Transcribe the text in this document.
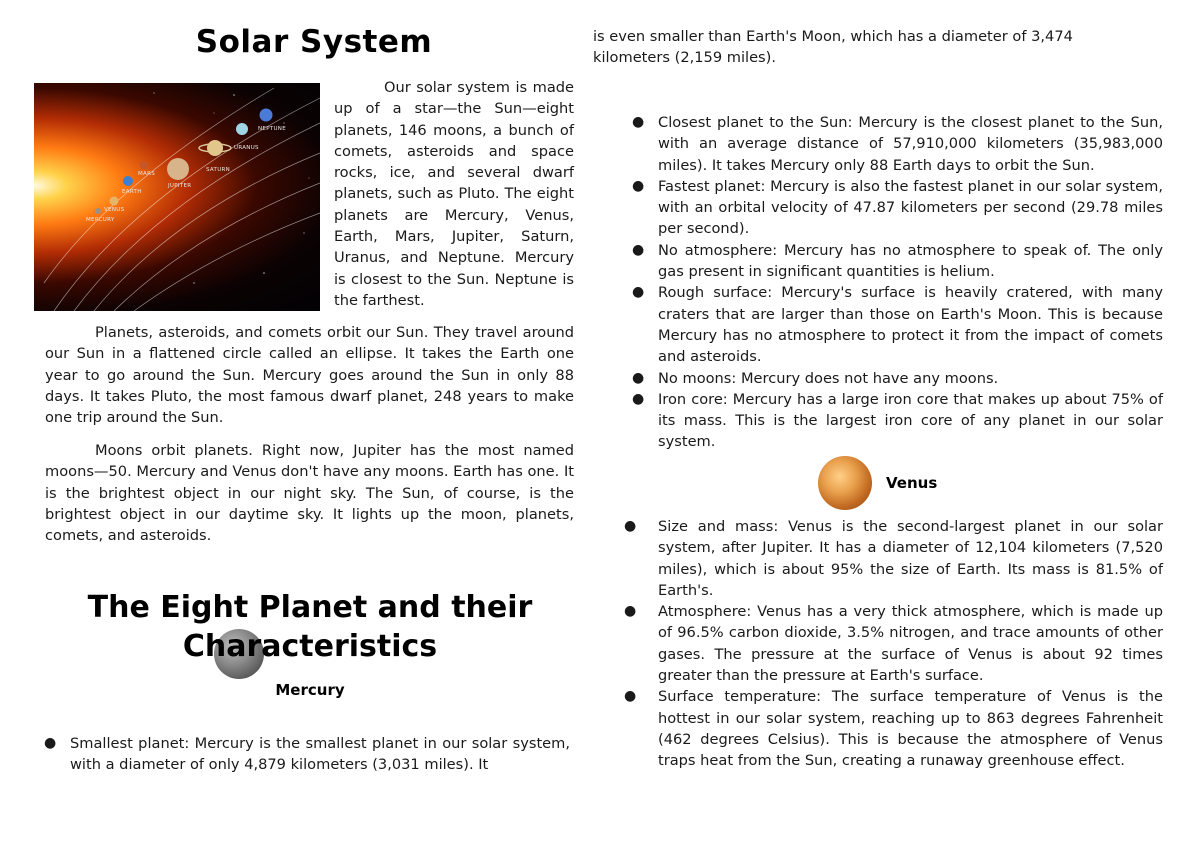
Solar System
MERCURY
VENUS
EARTH
MARS
JUPITER
SATURN
URANUS
NEPTUNE

Our solar system is made up of a star—the Sun—eight planets, 146 moons, a bunch of comets, asteroids and space rocks, ice, and several dwarf planets, such as Pluto. The eight planets are Mercury, Venus, Earth, Mars, Jupiter, Saturn, Uranus, and Neptune. Mercury is closest to the Sun. Neptune is the farthest.

Planets, asteroids, and comets orbit our Sun. They travel around our Sun in a flattened circle called an ellipse. It takes the Earth one year to go around the Sun. Mercury goes around the Sun in only 88 days. It takes Pluto, the most famous dwarf planet, 248 years to make one trip around the Sun.

Moons orbit planets. Right now, Jupiter has the most named moons—50. Mercury and Venus don't have any moons. Earth has one. It is the brightest object in our night sky. The Sun, of course, is the brightest object in our daytime sky. It lights up the moon, planets, comets, and asteroids.

The Eight Planet and their
Characteristics
Mercury
● Smallest planet: Mercury is the smallest planet in our solar system, with a diameter of only 4,879 kilometers (3,031 miles). It

is even smaller than Earth's Moon, which has a diameter of 3,474 kilometers (2,159 miles).

● Closest planet to the Sun: Mercury is the closest planet to the Sun, with an average distance of 57,910,000 kilometers (35,983,000 miles). It takes Mercury only 88 Earth days to orbit the Sun.
● Fastest planet: Mercury is also the fastest planet in our solar system, with an orbital velocity of 47.87 kilometers per second (29.78 miles per second).
● No atmosphere: Mercury has no atmosphere to speak of. The only gas present in significant quantities is helium.
● Rough surface: Mercury's surface is heavily cratered, with many craters that are larger than those on Earth's Moon. This is because Mercury has no atmosphere to protect it from the impact of comets and asteroids.
● No moons: Mercury does not have any moons.
● Iron core: Mercury has a large iron core that makes up about 75% of its mass. This is the largest iron core of any planet in our solar system.
Venus
● Size and mass: Venus is the second-largest planet in our solar system, after Jupiter. It has a diameter of 12,104 kilometers (7,520 miles), which is about 95% the size of Earth. Its mass is 81.5% of Earth's.
● Atmosphere: Venus has a very thick atmosphere, which is made up of 96.5% carbon dioxide, 3.5% nitrogen, and trace amounts of other gases. The pressure at the surface of Venus is about 92 times greater than the pressure at Earth's surface.
● Surface temperature: The surface temperature of Venus is the hottest in our solar system, reaching up to 863 degrees Fahrenheit (462 degrees Celsius). This is because the atmosphere of Venus traps heat from the Sun, creating a runaway greenhouse effect.
